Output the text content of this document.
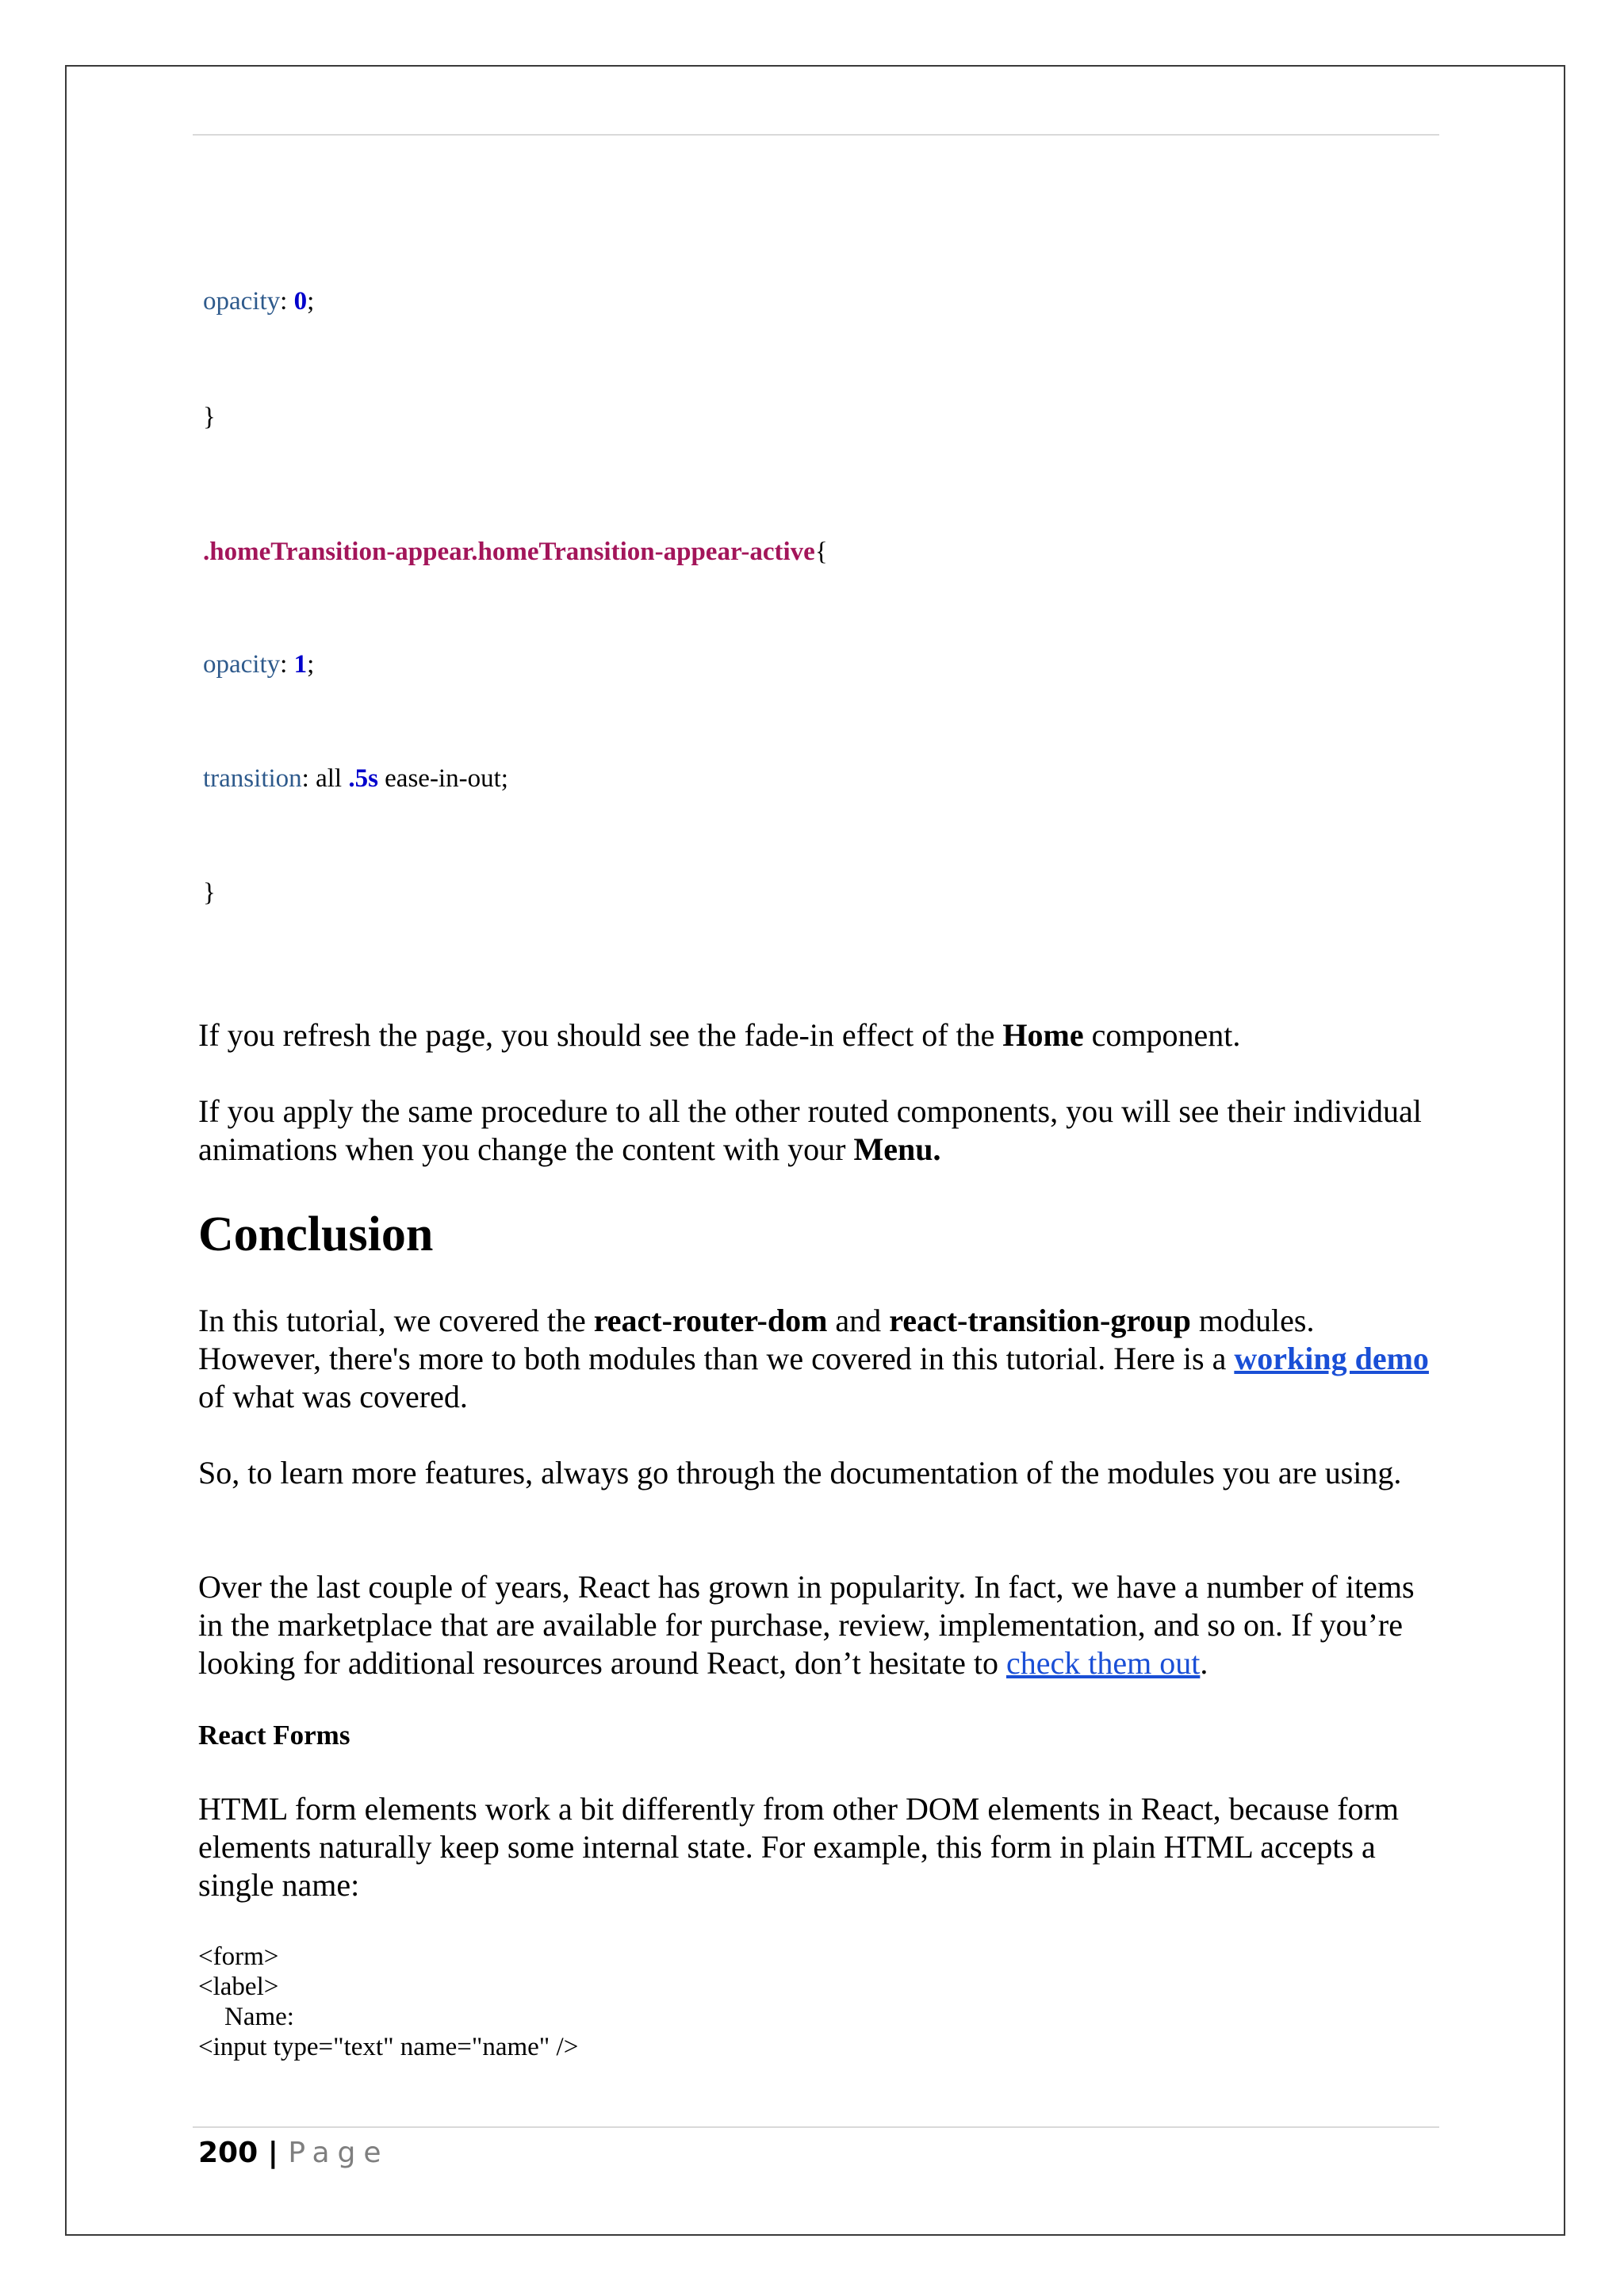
opacity: 0;
}
.homeTransition-appear.homeTransition-appear-active{
opacity: 1;
transition: all .5s ease-in-out;
}
If you refresh the page, you should see the fade-in effect of the Home component.
If you apply the same procedure to all the other routed components, you will see their individual animations when you change the content with your Menu.
Conclusion
In this tutorial, we covered the react-router-dom and react-transition-group modules. However, there's more to both modules than we covered in this tutorial. Here is a working demo of what was covered.
So, to learn more features, always go through the documentation of the modules you are using.
Over the last couple of years, React has grown in popularity. In fact, we have a number of items in the marketplace that are available for purchase, review, implementation, and so on. If you’re looking for additional resources around React, don’t hesitate to check them out.
React Forms
HTML form elements work a bit differently from other DOM elements in React, because form elements naturally keep some internal state. For example, this form in plain HTML accepts a single name:
<form>
<label>
Name:
<input type="text" name="name" />
200 | Page
